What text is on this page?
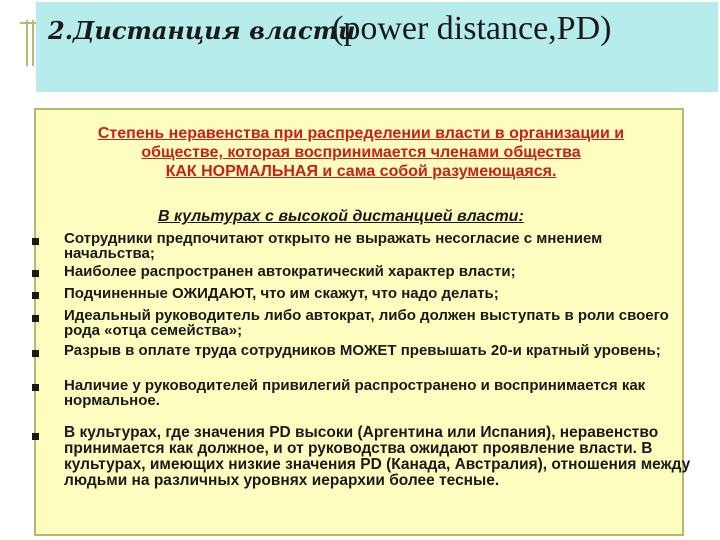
2.Дистанция власти
(power distance,PD)
Степень неравенства при распределении власти в организации и
обществе, которая воспринимается членами общества
КАК НОРМАЛЬНАЯ и сама собой разумеющаяся.
В культурах с высокой дистанцией власти:
Сотрудники предпочитают открыто не выражать несогласие с мнением начальства;
Наиболее распространен автократический характер власти;
Подчиненные ОЖИДАЮТ, что им скажут, что надо делать;
Идеальный руководитель либо автократ, либо должен выступать в роли своего рода «отца семейства»;
Разрыв в оплате труда сотрудников МОЖЕТ превышать 20-и кратный уровень;
Наличие у руководителей привилегий распространено и воспринимается как нормальное.
В культурах, где значения PD высоки (Аргентина или Испания), неравенство принимается как должное, и от руководства ожидают проявление власти. В культурах, имеющих низкие значения PD (Канада, Австралия), отношения между людьми на различных уровнях иерархии более тесные.
